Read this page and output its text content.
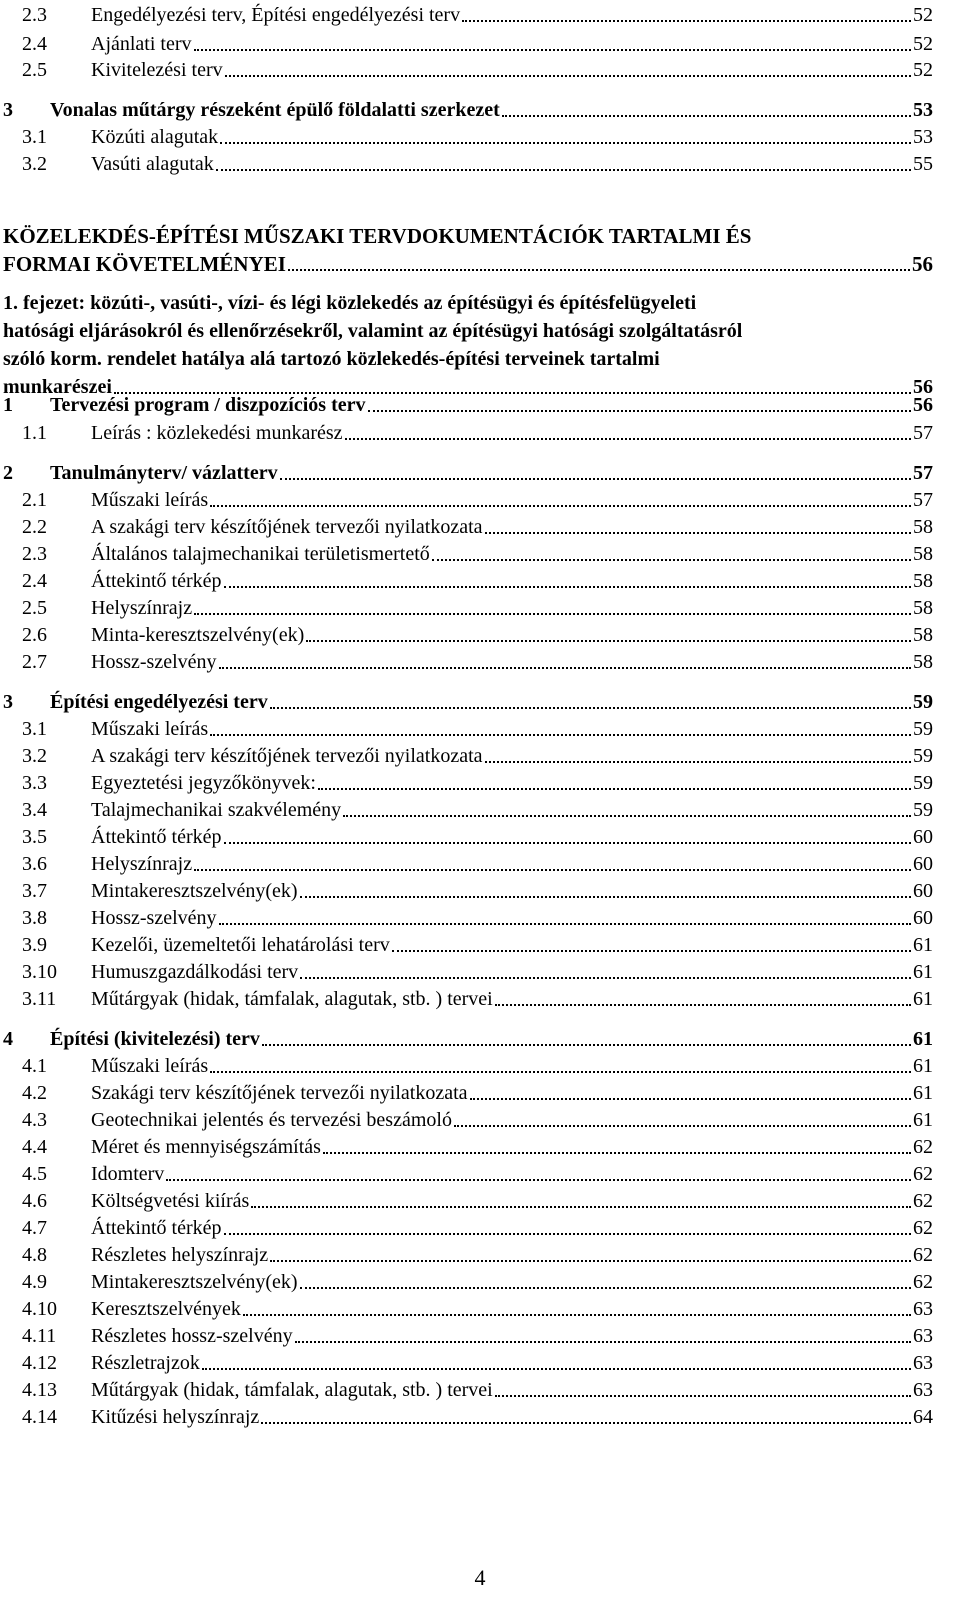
2.3	Engedélyezési terv, Építési engedélyezési terv	52
2.4	Ajánlati terv	52
2.5	Kivitelezési terv	52
3	Vonalas műtárgy részeként épülő földalatti szerkezet	53
3.1	Közúti alagutak	53
3.2	Vasúti alagutak	55
KÖZELEKDÉS-ÉPÍTÉSI MŰSZAKI TERVDOKUMENTÁCIÓK TARTALMI ÉS
FORMAI KÖVETELMÉNYEI	56
1. fejezet: közúti-, vasúti-, vízi- és légi közlekedés az építésügyi és építésfelügyeleti
hatósági eljárásokról és ellenőrzésekről, valamint az építésügyi hatósági szolgáltatásról
szóló korm. rendelet hatálya alá tartozó közlekedés-építési terveinek tartalmi
munkarészei	56
1	Tervezési program / diszpozíciós terv	56
1.1	Leírás : közlekedési munkarész	57
2	Tanulmányterv/ vázlatterv	57
2.1	Műszaki leírás	57
2.2	A szakági terv készítőjének tervezői nyilatkozata	58
2.3	Általános talajmechanikai területismertető	58
2.4	Áttekintő térkép	58
2.5	Helyszínrajz	58
2.6	Minta-keresztszelvény(ek)	58
2.7	Hossz-szelvény	58
3	Építési engedélyezési terv	59
3.1	Műszaki leírás	59
3.2	A szakági terv készítőjének tervezői nyilatkozata	59
3.3	Egyeztetési jegyzőkönyvek:	59
3.4	Talajmechanikai szakvélemény	59
3.5	Áttekintő térkép	60
3.6	Helyszínrajz	60
3.7	Mintakeresztszelvény(ek)	60
3.8	Hossz-szelvény	60
3.9	Kezelői, üzemeltetői lehatárolási terv	61
3.10	Humuszgazdálkodási terv	61
3.11	Műtárgyak (hidak, támfalak, alagutak, stb. ) tervei	61
4	Építési (kivitelezési) terv	61
4.1	Műszaki leírás	61
4.2	Szakági terv készítőjének tervezői nyilatkozata	61
4.3	Geotechnikai jelentés és tervezési beszámoló	61
4.4	Méret és mennyiségszámítás	62
4.5	Idomterv	62
4.6	Költségvetési kiírás	62
4.7	Áttekintő térkép	62
4.8	Részletes helyszínrajz	62
4.9	Mintakeresztszelvény(ek)	62
4.10	Keresztszelvények	63
4.11	Részletes hossz-szelvény	63
4.12	Részletrajzok	63
4.13	Műtárgyak (hidak, támfalak, alagutak, stb. ) tervei	63
4.14	Kitűzési helyszínrajz	64
4
